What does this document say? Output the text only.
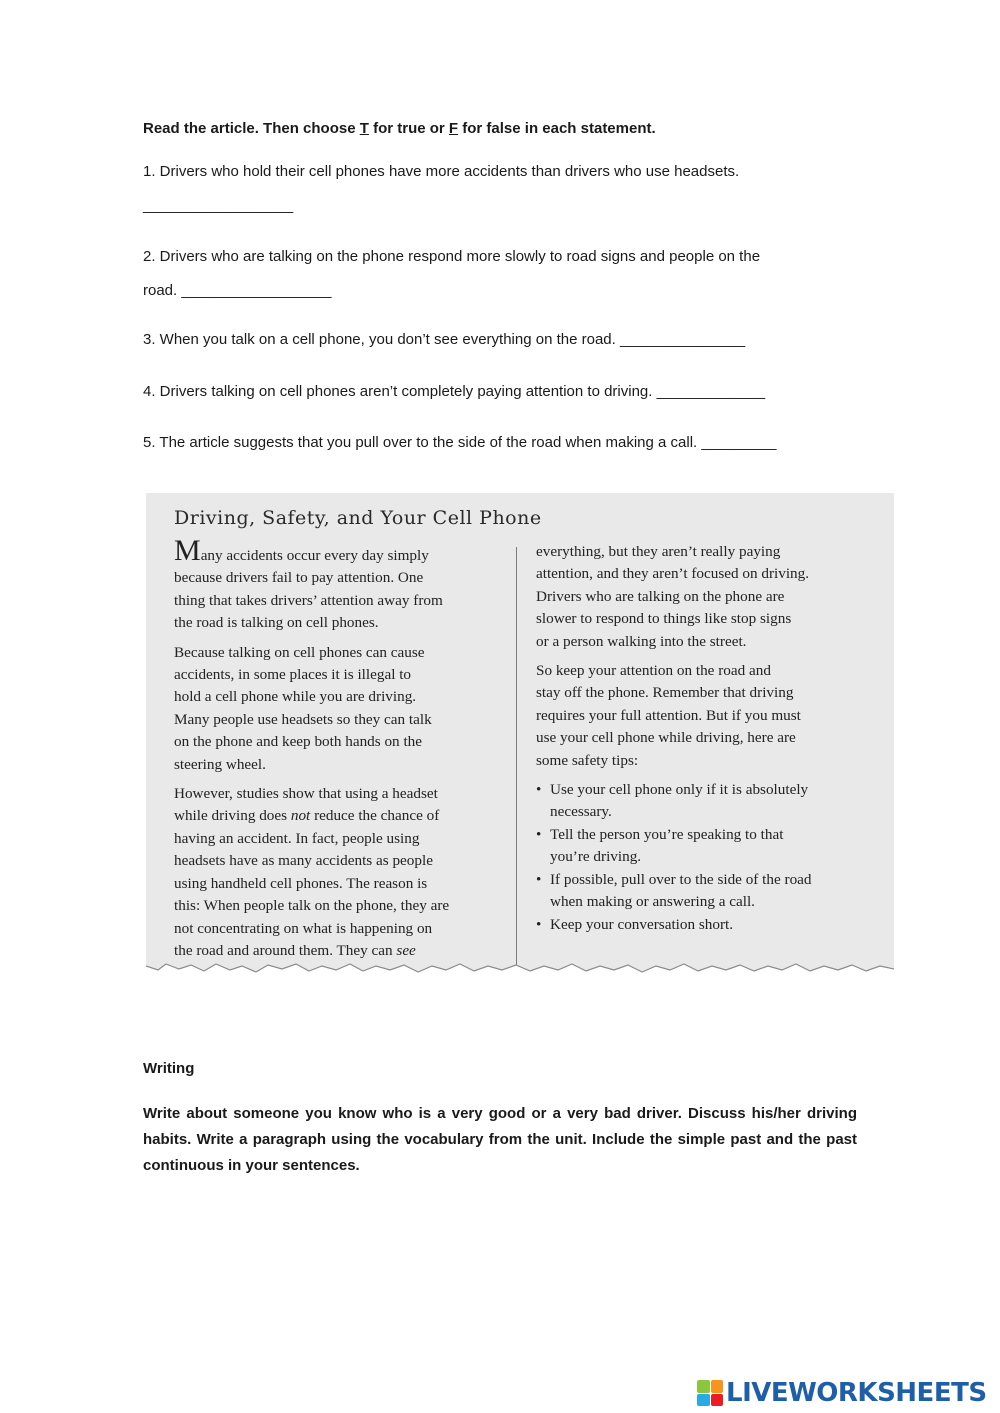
Read the article. Then choose T for true or F for false in each statement.
1. Drivers who hold their cell phones have more accidents than drivers who use headsets.
__________________
2. Drivers who are talking on the phone respond more slowly to road signs and people on the
road. __________________
3. When you talk on a cell phone, you don’t see everything on the road. _______________
4. Drivers talking on cell phones aren’t completely paying attention to driving. _____________
5. The article suggests that you pull over to the side of the road when making a call. _________
Driving, Safety, and Your Cell Phone

Many accidents occur every day simply
because drivers fail to pay attention. One
thing that takes drivers’ attention away from
the road is talking on cell phones.

Because talking on cell phones can cause
accidents, in some places it is illegal to
hold a cell phone while you are driving.
Many people use headsets so they can talk
on the phone and keep both hands on the
steering wheel.

However, studies show that using a headset
while driving does not reduce the chance of
having an accident. In fact, people using
headsets have as many accidents as people
using handheld cell phones. The reason is
this: When people talk on the phone, they are
not concentrating on what is happening on
the road and around them. They can see

everything, but they aren’t really paying
attention, and they aren’t focused on driving.
Drivers who are talking on the phone are
slower to respond to things like stop signs
or a person walking into the street.

So keep your attention on the road and
stay off the phone. Remember that driving
requires your full attention. But if you must
use your cell phone while driving, here are
some safety tips:

• Use your cell phone only if it is absolutely
necessary.
• Tell the person you’re speaking to that
you’re driving.
• If possible, pull over to the side of the road
when making or answering a call.
• Keep your conversation short.
Writing
Write about someone you know who is a very good or a very bad driver. Discuss his/her driving habits. Write a paragraph using the vocabulary from the unit. Include the simple past and the past continuous in your sentences.
LIVEWORKSHEETS
